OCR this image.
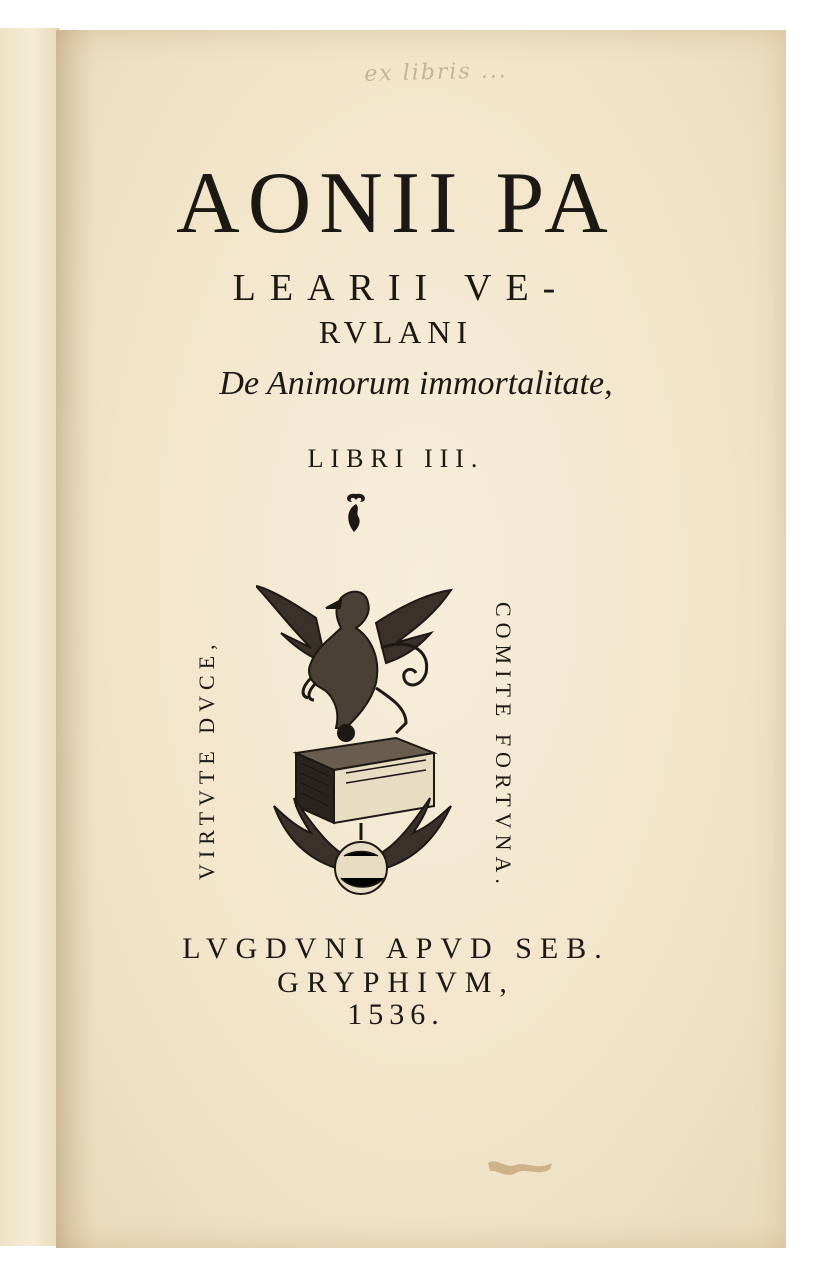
ex libris ...
AONII PA
LEARII VE-
RVLANI
De Animorum immortalitate,
LIBRI III.
VIRTVTE DVCE,	COMITE FORTVNA.
LVGDVNI APVD SEB.
GRYPHIVM,
1536.
